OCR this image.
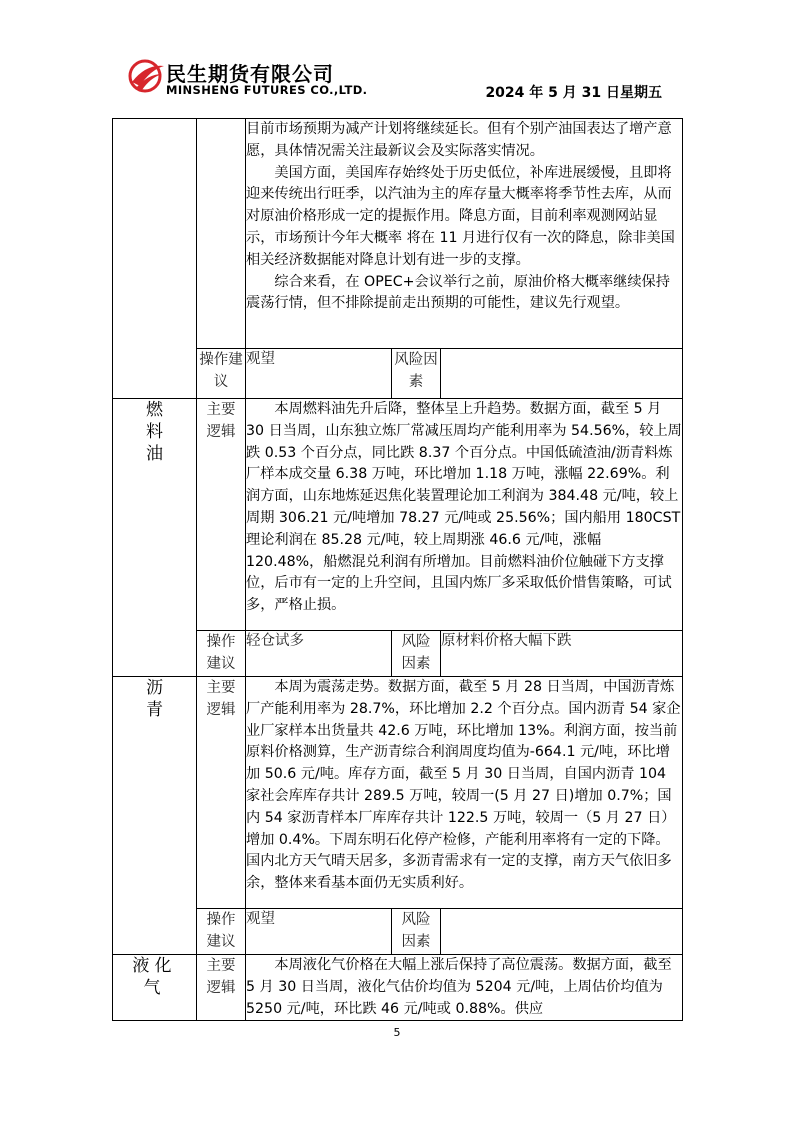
民生期货有限公司
MINSHENG FUTURES CO.,LTD.	2024 年 5 月 31 日星期五

		目前市场预期为减产计划将继续延长。但有个别产油国表达了增产意愿，具体情况需关注最新议会及实际落实情况。

美国方面，美国库存始终处于历史低位，补库进展缓慢，且即将迎来传统出行旺季，以汽油为主的库存量大概率将季节性去库，从而对原油价格形成一定的提振作用。降息方面，目前利率观测网站显示，市场预计今年大概率 将在 11 月进行仅有一次的降息，除非美国相关经济数据能对降息计划有进一步的支撑。

综合来看，在 OPEC+会议举行之前，原油价格大概率继续保持震荡行情，但不排除提前走出预期的可能性，建议先行观望。		

	操作建议	观望	风险因素	
燃料油	主要逻辑	本周燃料油先升后降，整体呈上升趋势。数据方面，截至 5 月 30 日当周，山东独立炼厂常减压周均产能利用率为 54.56%，较上周跌 0.53 个百分点，同比跌 8.37 个百分点。中国低硫渣油/沥青料炼厂样本成交量 6.38 万吨，环比增加 1.18 万吨，涨幅 22.69%。利润方面，山东地炼延迟焦化装置理论加工利润为 384.48 元/吨，较上周期 306.21 元/吨增加 78.27 元/吨或 25.56%；国内船用 180CST 理论利润在 85.28 元/吨，较上周期涨 46.6 元/吨，涨幅 120.48%，船燃混兑利润有所增加。目前燃料油价位触碰下方支撑位，后市有一定的上升空间，且国内炼厂多采取低价惜售策略，可试多，严格止损。		

	操作建议	轻仓试多	风险因素	原材料价格大幅下跌
沥青	主要逻辑	本周为震荡走势。数据方面，截至 5 月 28 日当周，中国沥青炼厂产能利用率为 28.7%，环比增加 2.2 个百分点。国内沥青 54 家企业厂家样本出货量共 42.6 万吨，环比增加 13%。利润方面，按当前原料价格测算，生产沥青综合利润周度均值为-664.1 元/吨，环比增加 50.6 元/吨。库存方面，截至 5 月 30 日当周，自国内沥青 104 家社会库库存共计 289.5 万吨，较周一(5 月 27 日)增加 0.7%；国内 54 家沥青样本厂库库存共计 122.5 万吨，较周一（5 月 27 日）增加 0.4%。下周东明石化停产检修，产能利用率将有一定的下降。国内北方天气晴天居多，多沥青需求有一定的支撑，南方天气依旧多余，整体来看基本面仍无实质利好。		

	操作建议	观望	风险因素	
液化气	主要逻辑	本周液化气价格在大幅上涨后保持了高位震荡。数据方面，截至 5 月 30 日当周，液化气估价均值为 5204 元/吨，上周估价均值为 5250 元/吨，环比跌 46 元/吨或 0.88%。供应		

5
